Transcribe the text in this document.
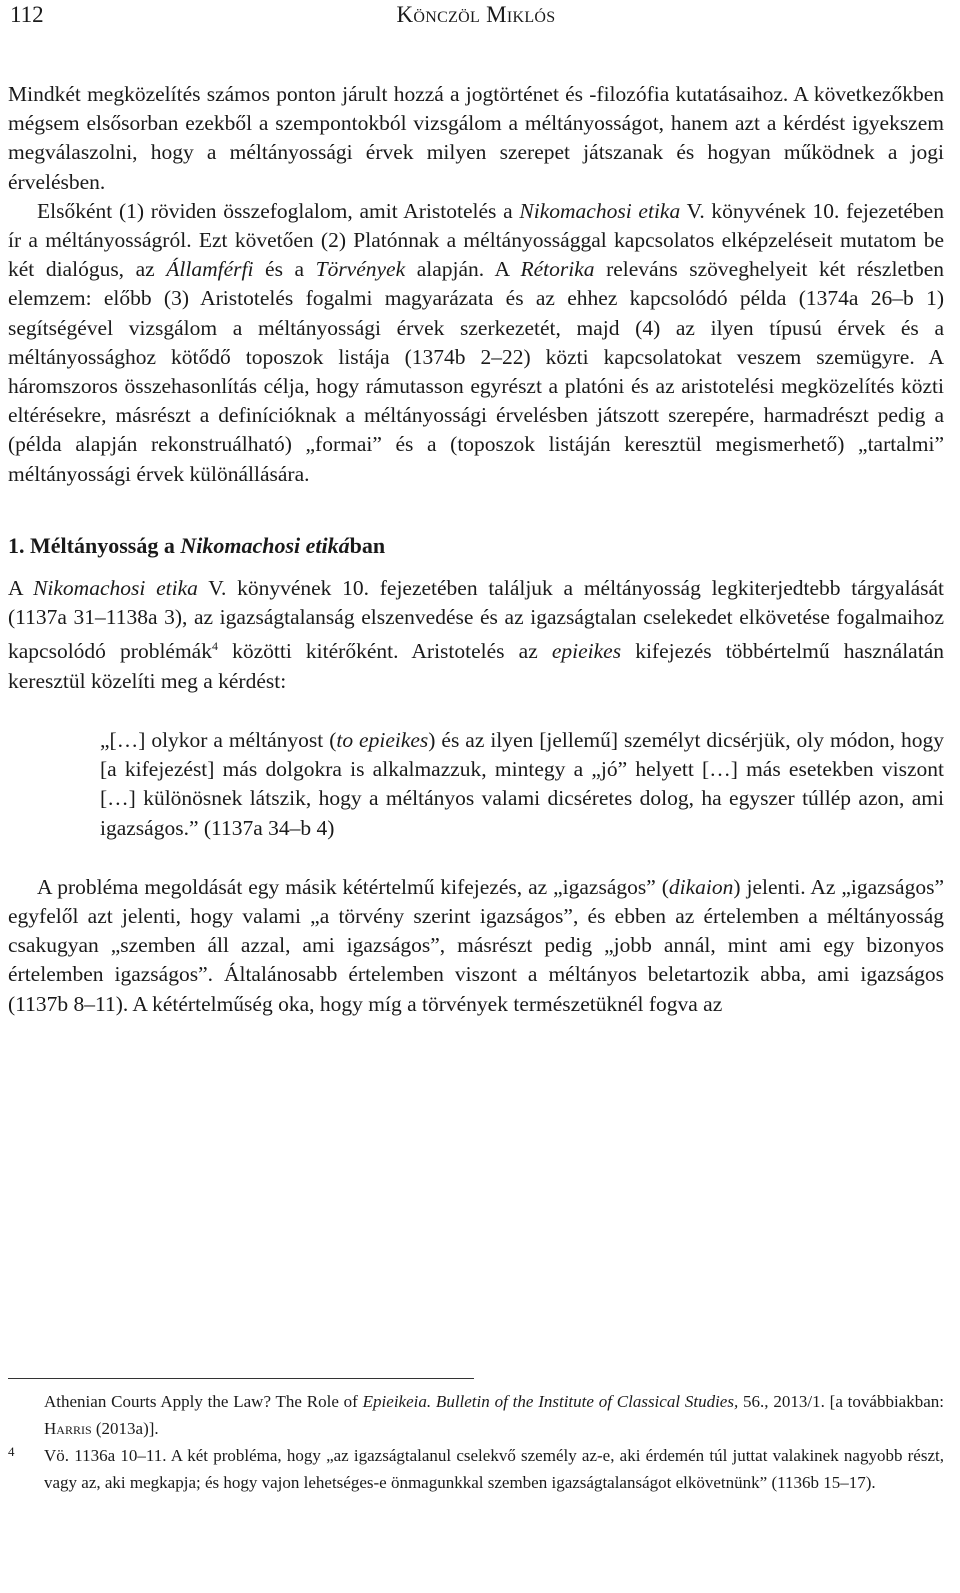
112	Könczöl Miklós

Mindkét megközelítés számos ponton járult hozzá a jogtörténet és -filozófia kutatásaihoz. A következőkben mégsem elsősorban ezekből a szempontokból vizsgálom a méltányosságot, hanem azt a kérdést igyekszem megválaszolni, hogy a méltányossági érvek milyen szerepet játszanak és hogyan működnek a jogi érvelésben.

Elsőként (1) röviden összefoglalom, amit Aristotelés a Nikomachosi etika V. könyvének 10. fejezetében ír a méltányosságról. Ezt követően (2) Platónnak a méltányossággal kapcsolatos elképzeléseit mutatom be két dialógus, az Államférfi és a Törvények alapján. A Rétorika releváns szöveghelyeit két részletben elemzem: előbb (3) Aristotelés fogalmi magyarázata és az ehhez kapcsolódó példa (1374a 26–b 1) segítségével vizsgálom a méltányossági érvek szerkezetét, majd (4) az ilyen típusú érvek és a méltányossághoz kötődő toposzok listája (1374b 2–22) közti kapcsolatokat veszem szemügyre. A háromszoros összehasonlítás célja, hogy rámutasson egyrészt a platóni és az aristotelési megközelítés közti eltérésekre, másrészt a definícióknak a méltányossági érvelésben játszott szerepére, harmadrészt pedig a (példa alapján rekonstruálható) „formai” és a (toposzok listáján keresztül megismerhető) „tartalmi” méltányossági érvek különállására.

1. Méltányosság a Nikomachosi etikában

A Nikomachosi etika V. könyvének 10. fejezetében találjuk a méltányosság legkiterjedtebb tárgyalását (1137a 31–1138a 3), az igazságtalanság elszenvedése és az igazságtalan cselekedet elkövetése fogalmaihoz kapcsolódó problémák$^4$ közötti kitérőként. Aristotelés az epieikes kifejezés többértelmű használatán keresztül közelíti meg a kérdést:

„[…] olykor a méltányost (to epieikes) és az ilyen [jellemű] személyt dicsérjük, oly módon, hogy [a kifejezést] más dolgokra is alkalmazzuk, mintegy a „jó” helyett […] más esetekben viszont […] különösnek látszik, hogy a méltányos valami dicséretes dolog, ha egyszer túllép azon, ami igazságos.” (1137a 34–b 4)

A probléma megoldását egy másik kétértelmű kifejezés, az „igazságos” (dikaion) jelenti. Az „igazságos” egyfelől azt jelenti, hogy valami „a törvény szerint igazságos”, és ebben az értelemben a méltányosság csakugyan „szemben áll azzal, ami igazságos”, másrészt pedig „jobb annál, mint ami egy bizonyos értelemben igazságos”. Általánosabb értelemben viszont a méltányos beletartozik abba, ami igazságos (1137b 8–11). A kétértelműség oka, hogy míg a törvények természetüknél fogva az

Athenian Courts Apply the Law? The Role of Epieikeia. Bulletin of the Institute of Classical Studies, 56., 2013/1. [a továbbiakban: Harris (2013a)].
4 Vö. 1136a 10–11. A két probléma, hogy „az igazságtalanul cselekvő személy az-e, aki érdemén túl juttat valakinek nagyobb részt, vagy az, aki megkapja; és hogy vajon lehetséges-e önmagunkkal szemben igazságtalanságot elkövetnünk” (1136b 15–17).
